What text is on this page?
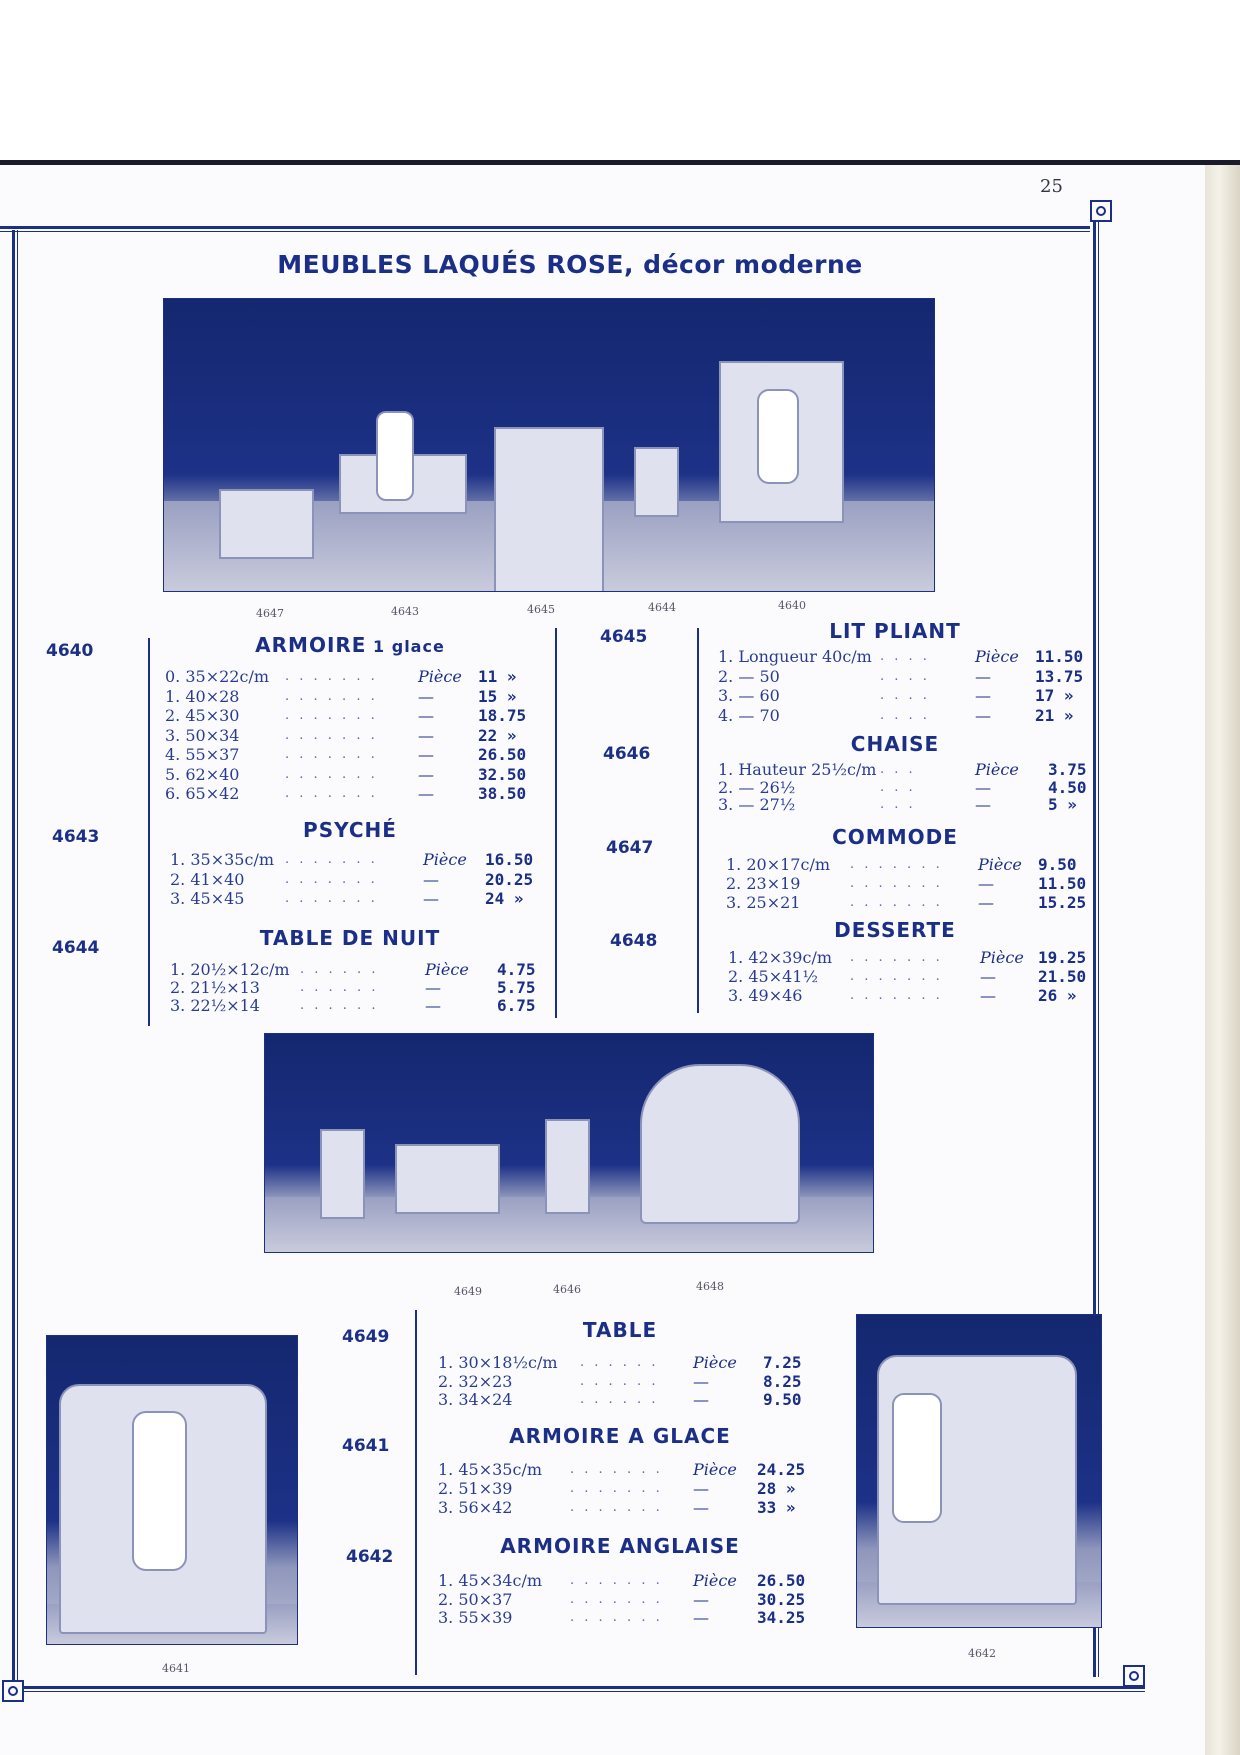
25
MEUBLES LAQUÉS ROSE, décor moderne
4647	4643	4645	4644	4640
4640
4643
4644
4645
4646
4647
4648
4649
4641
4642
ARMOIRE 1 glace
PSYCHÉ
TABLE DE NUIT
LIT PLIANT
CHAISE
COMMODE
DESSERTE
TABLE
ARMOIRE A GLACE
ARMOIRE ANGLAISE
0. 35×22c/m . . . . . . .	Pièce 11 »
1. 40×28	. . . . . . .	—	15 »
2. 45×30	. . . . . . .	—	18.75
3. 50×34	. . . . . . .	—	22 »
4. 55×37	. . . . . . .	—	26.50
5. 62×40	. . . . . . .	—	32.50
6. 65×42	. . . . . . .	—	38.50
1. 35×35c/m . . . . . . .	Pièce 16.50
2. 41×40	. . . . . . .	—	20.25
3. 45×45	. . . . . . .	—	24 »
1. 20½×12c/m . . . . . .	Pièce 4.75
2. 21½×13	. . . . . .	—	5.75
3. 22½×14	. . . . . .	—	6.75
1. Longueur 40c/m . . . .	Pièce 11.50
2. — 50	. . . .	—	13.75
3. — 60	. . . .	—	17 »
4. — 70	. . . .	—	21 »
1. Hauteur 25½c/m . . .	Pièce 3.75
2. — 26½	. . .	—	4.50
3. — 27½	. . .	—	5 »
1. 20×17c/m . . . . . . . Pièce 9.50
2. 23×19	. . . . . . . —	11.50
3. 25×21	. . . . . . . —	15.25
1. 42×39c/m . . . . . . . Pièce 19.25
2. 45×41½ . . . . . . . —	21.50
3. 49×46	. . . . . . . —	26 »
1. 30×18½c/m . . . . . . Pièce 7.25
2. 32×23	. . . . . . —	8.25
3. 34×24	. . . . . . —	9.50
1. 45×35c/m . . . . . . . Pièce 24.25
2. 51×39	. . . . . . . —	28 »
3. 56×42	. . . . . . . —	33 »
1. 45×34c/m . . . . . . . Pièce 26.50
2. 50×37	. . . . . . . —	30.25
3. 55×39	. . . . . . . —	34.25
4649	4646	4648
4641
4642
